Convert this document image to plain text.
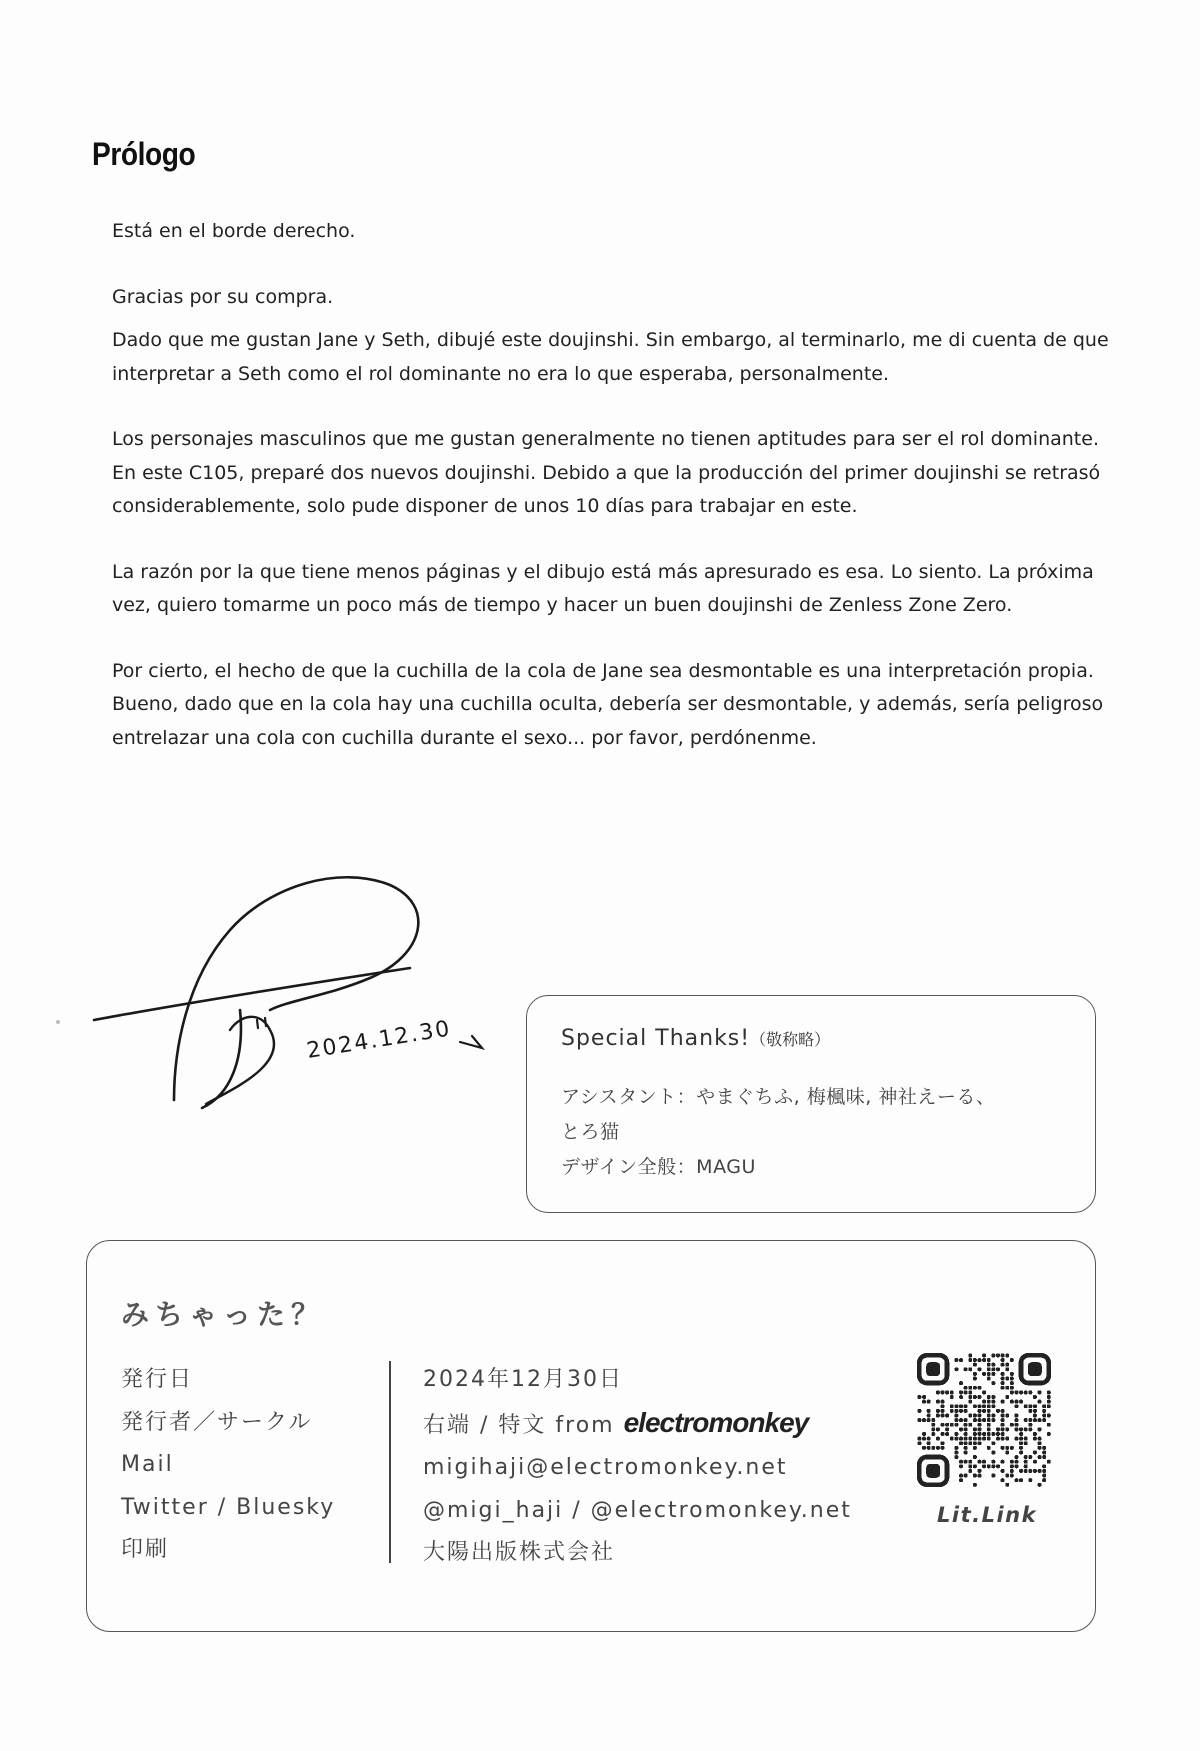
Prólogo

Está en el borde derecho.

Gracias por su compra.

Dado que me gustan Jane y Seth, dibujé este doujinshi. Sin embargo, al terminarlo, me di cuenta de que interpretar a Seth como el rol dominante no era lo que esperaba, personalmente.

Los personajes masculinos que me gustan generalmente no tienen aptitudes para ser el rol dominante. En este C105, preparé dos nuevos doujinshi. Debido a que la producción del primer doujinshi se retrasó considerablemente, solo pude disponer de unos 10 días para trabajar en este.

La razón por la que tiene menos páginas y el dibujo está más apresurado es esa. Lo siento. La próxima vez, quiero tomarme un poco más de tiempo y hacer un buen doujinshi de Zenless Zone Zero.

Por cierto, el hecho de que la cuchilla de la cola de Jane sea desmontable es una interpretación propia. Bueno, dado que en la cola hay una cuchilla oculta, debería ser desmontable, y además, sería peligroso entrelazar una cola con cuchilla durante el sexo... por favor, perdónenme.

2024.12.30	Special Thanks!（敬称略）
アシスタント：やまぐちふ, 梅楓味, 神社えーる、
とろ猫
デザイン全般：MAGU
みちゃった？
発行日
発行者／サークル
Mail
Twitter / Bluesky
印刷
2024年12月30日
右端 / 特文 from electromonkey
migihaji@electromonkey.net
@migi_haji / @electromonkey.net
大陽出版株式会社
Lit.Link
